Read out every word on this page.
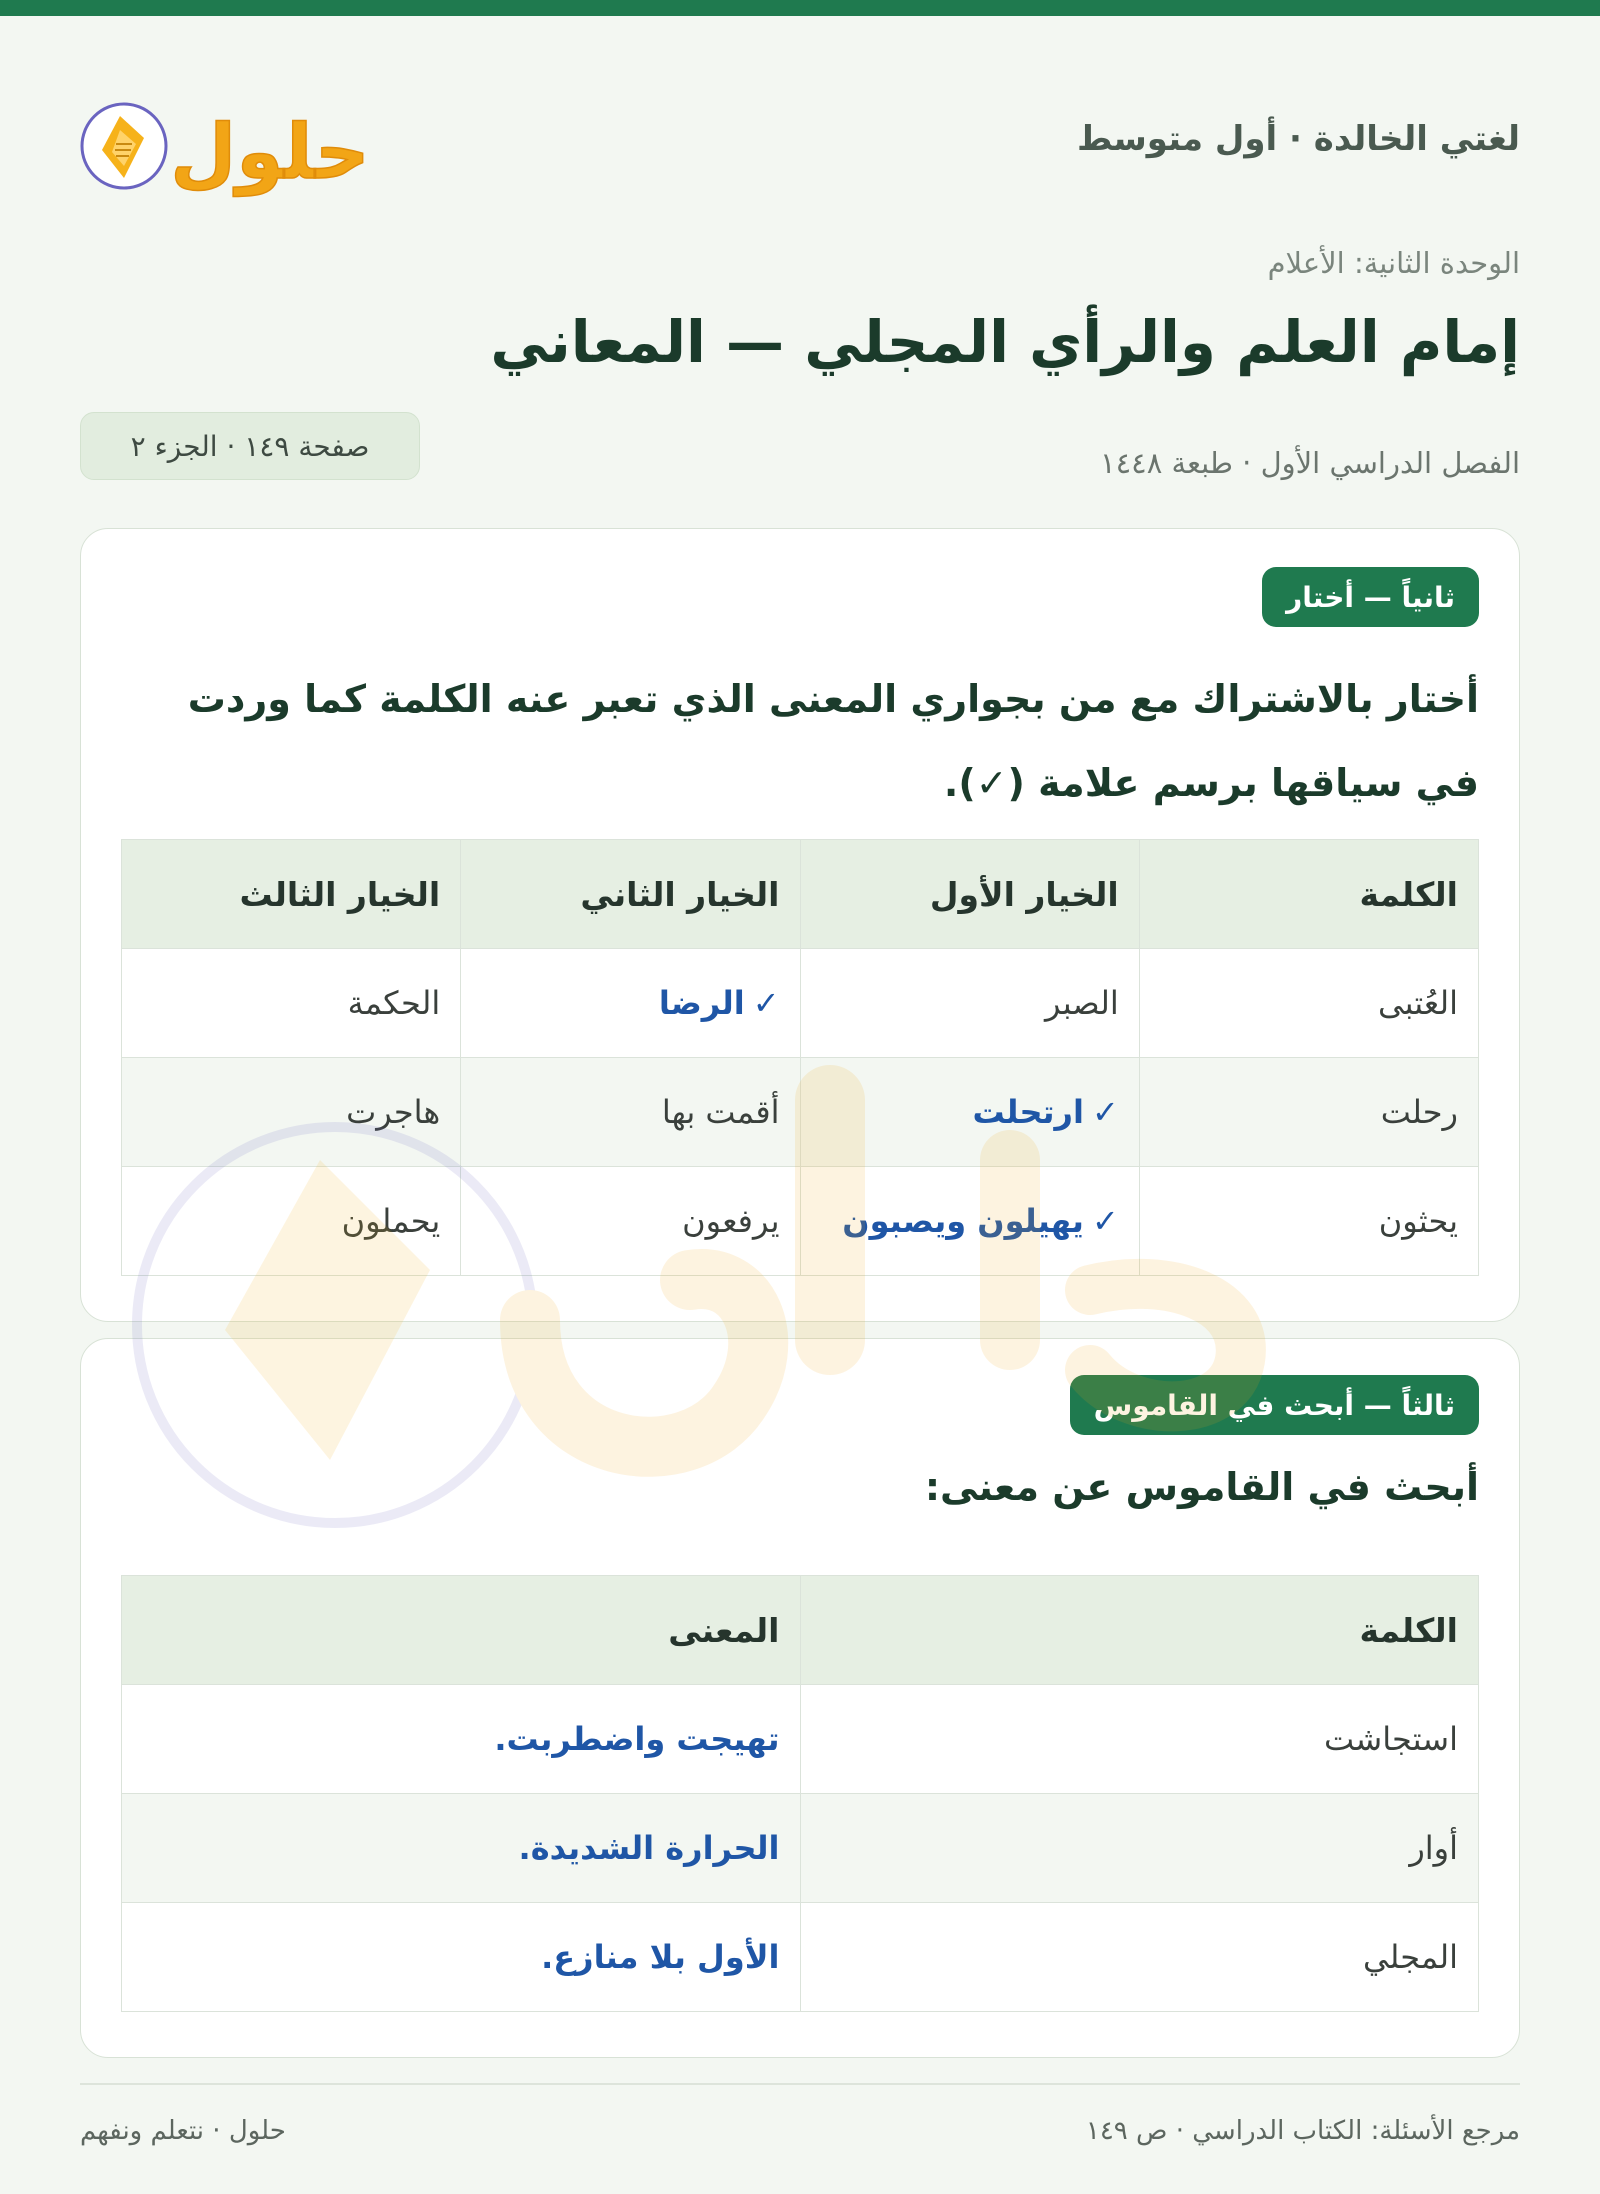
حلول	لغتي الخالدة · أول متوسط
الوحدة الثانية: الأعلام
إمام العلم والرأي المجلي — المعاني
الفصل الدراسي الأول · طبعة ١٤٤٨
صفحة ١٤٩ · الجزء ٢
ثانياً — أختار
أختار بالاشتراك مع من بجواري المعنى الذي تعبر عنه الكلمة كما وردت في سياقها برسم علامة (✓).
الكلمة	الخيار الأول	الخيار الثاني	الخيار الثالث
العُتبى	الصبر	✓الرضا	الحكمة
رحلت	✓ارتحلت	أقمت بها	هاجرت
يحثون	✓يهيلون ويصبون	يرفعون	يحملون
ثالثاً — أبحث في القاموس
أبحث في القاموس عن معنى:
الكلمة	المعنى
استجاشت	تهيجت واضطربت.
أوار	الحرارة الشديدة.
المجلي	الأول بلا منازع.
مرجع الأسئلة: الكتاب الدراسي · ص ١٤٩
حلول · نتعلم ونفهم
